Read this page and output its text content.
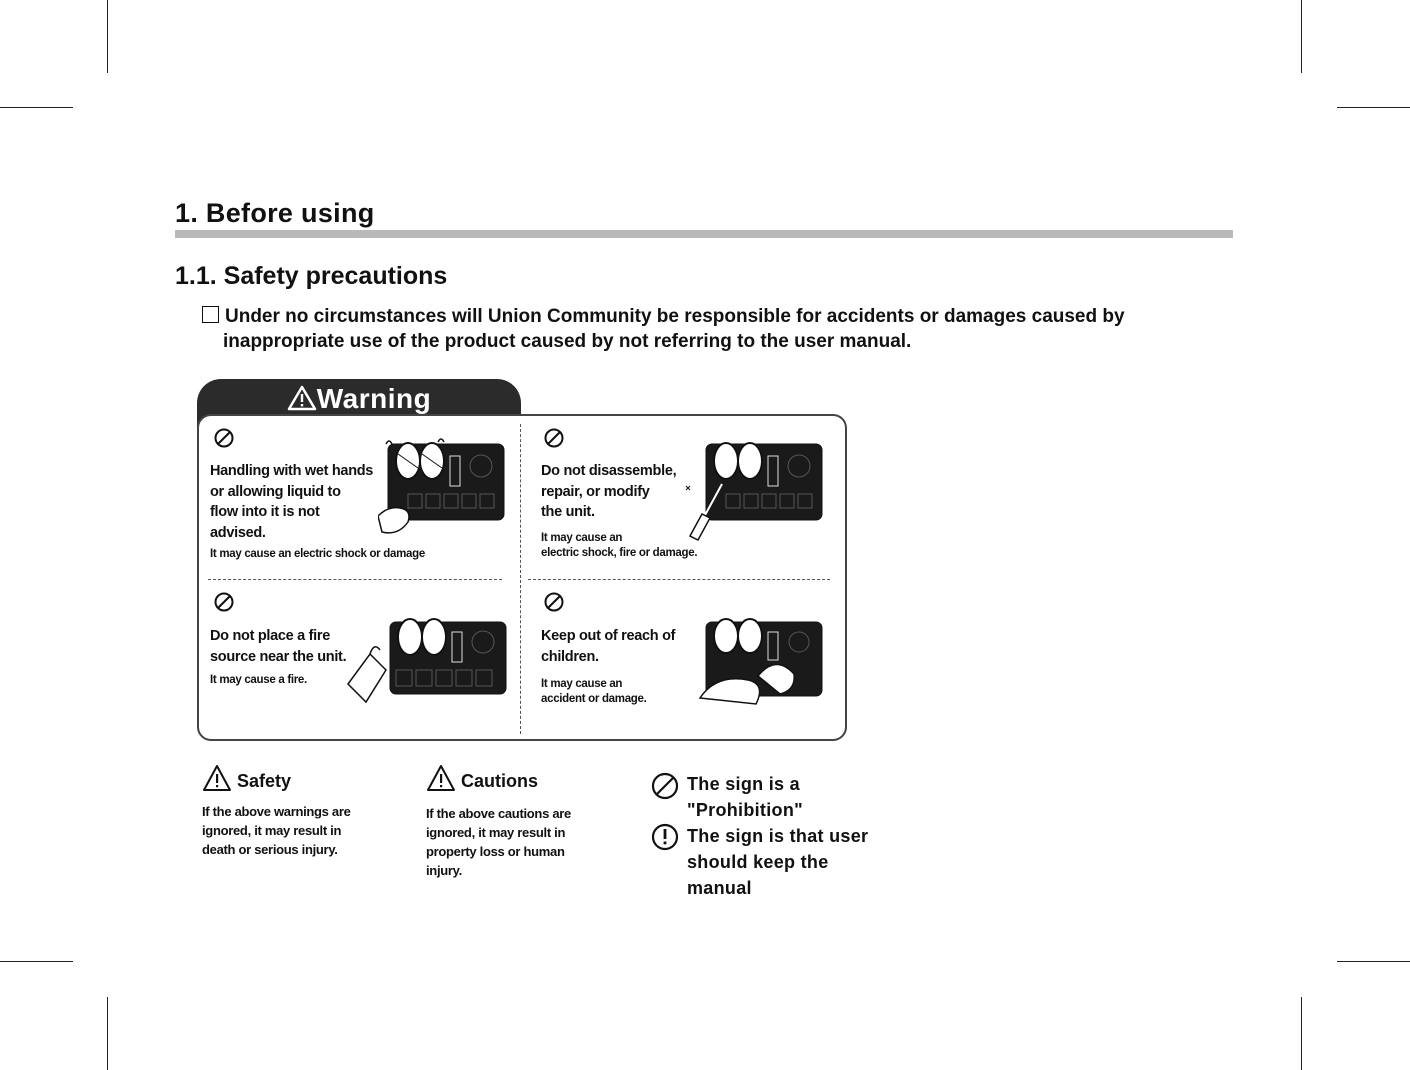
1. Before using
1.1. Safety precautions
Under no circumstances will Union Community be responsible for accidents or damages caused by
inappropriate use of the product caused by not referring to the user manual.
Warning
Handling with wet hands
or allowing liquid to
flow into it is not
advised.
It may cause an electric shock or damage
Do not disassemble,
repair, or modify
the unit.
It may cause an
electric shock, fire or damage.
Do not place a fire
source near the unit.
It may cause a fire.
Keep out of reach of
children.
It may cause an
accident or damage.
Safety
If the above warnings are
ignored, it may result in
death or serious injury.
Cautions
If the above cautions are
ignored, it may result in
property loss or human
injury.
The sign is a
"Prohibition"
The sign is that user
should keep the
manual
